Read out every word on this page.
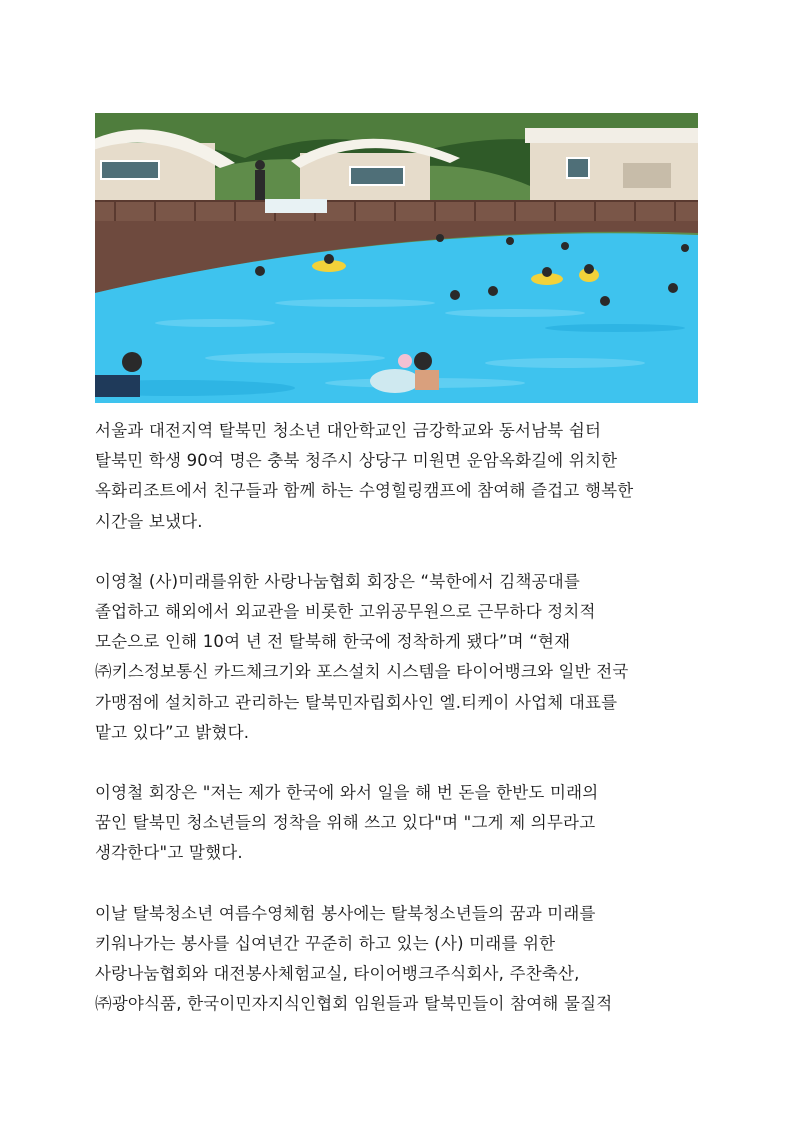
서울과 대전지역 탈북민 청소년 대안학교인 금강학교와 동서남북 쉼터
탈북민 학생 90여 명은 충북 청주시 상당구 미원면 운암옥화길에 위치한
옥화리조트에서 친구들과 함께 하는 수영힐링캠프에 참여해 즐겁고 행복한
시간을 보냈다.
이영철 (사)미래를위한 사랑나눔협회 회장은 “북한에서 김책공대를
졸업하고 해외에서 외교관을 비롯한 고위공무원으로 근무하다 정치적
모순으로 인해 10여 년 전 탈북해 한국에 정착하게 됐다”며 “현재
㈜키스정보통신 카드체크기와 포스설치 시스템을 타이어뱅크와 일반 전국
가맹점에 설치하고 관리하는 탈북민자립회사인 엘.티케이 사업체 대표를
맡고 있다”고 밝혔다.
이영철 회장은 "저는 제가 한국에 와서 일을 해 번 돈을 한반도 미래의
꿈인 탈북민 청소년들의 정착을 위해 쓰고 있다"며 "그게 제 의무라고
생각한다"고 말했다.
이날 탈북청소년 여름수영체험 봉사에는 탈북청소년들의 꿈과 미래를
키워나가는 봉사를 십여년간 꾸준히 하고 있는 (사) 미래를 위한
사랑나눔협회와 대전봉사체험교실, 타이어뱅크주식회사, 주찬축산,
㈜광야식품, 한국이민자지식인협회 임원들과 탈북민들이 참여해 물질적
